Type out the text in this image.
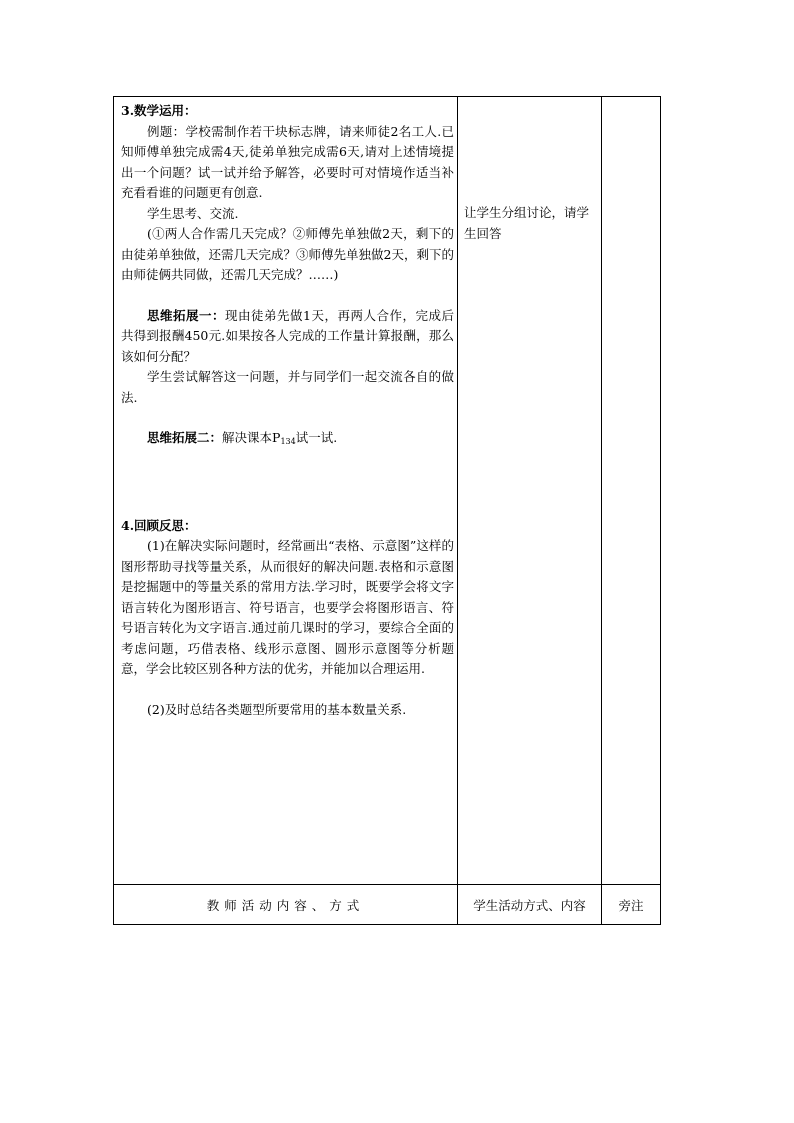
3.数学运用：

例题：学校需制作若干块标志牌，请来师徒2名工人.已知师傅单独完成需4天,徒弟单独完成需6天,请对上述情境提出一个问题？试一试并给予解答，必要时可对情境作适当补充看看谁的问题更有创意.

学生思考、交流.

(①两人合作需几天完成？②师傅先单独做2天，剩下的由徒弟单独做，还需几天完成？③师傅先单独做2天，剩下的由师徒俩共同做，还需几天完成？……)

思维拓展一：现由徒弟先做1天，再两人合作，完成后共得到报酬450元.如果按各人完成的工作量计算报酬，那么该如何分配？

学生尝试解答这一问题，并与同学们一起交流各自的做法.

思维拓展二：解决课本$P_{134}$试一试.

4.回顾反思：

(1)在解决实际问题时，经常画出“表格、示意图”这样的图形帮助寻找等量关系，从而很好的解决问题.表格和示意图是挖掘题中的等量关系的常用方法.学习时，既要学会将文字语言转化为图形语言、符号语言，也要学会将图形语言、符号语言转化为文字语言.通过前几课时的学习，要综合全面的考虑问题，巧借表格、线形示意图、圆形示意图等分析题意，学会比较区别各种方法的优劣，并能加以合理运用.

(2)及时总结各类题型所要常用的基本数量关系.

让学生分组讨论，请学生回答
教师活动内容、方式	学生活动方式、内容	旁注
